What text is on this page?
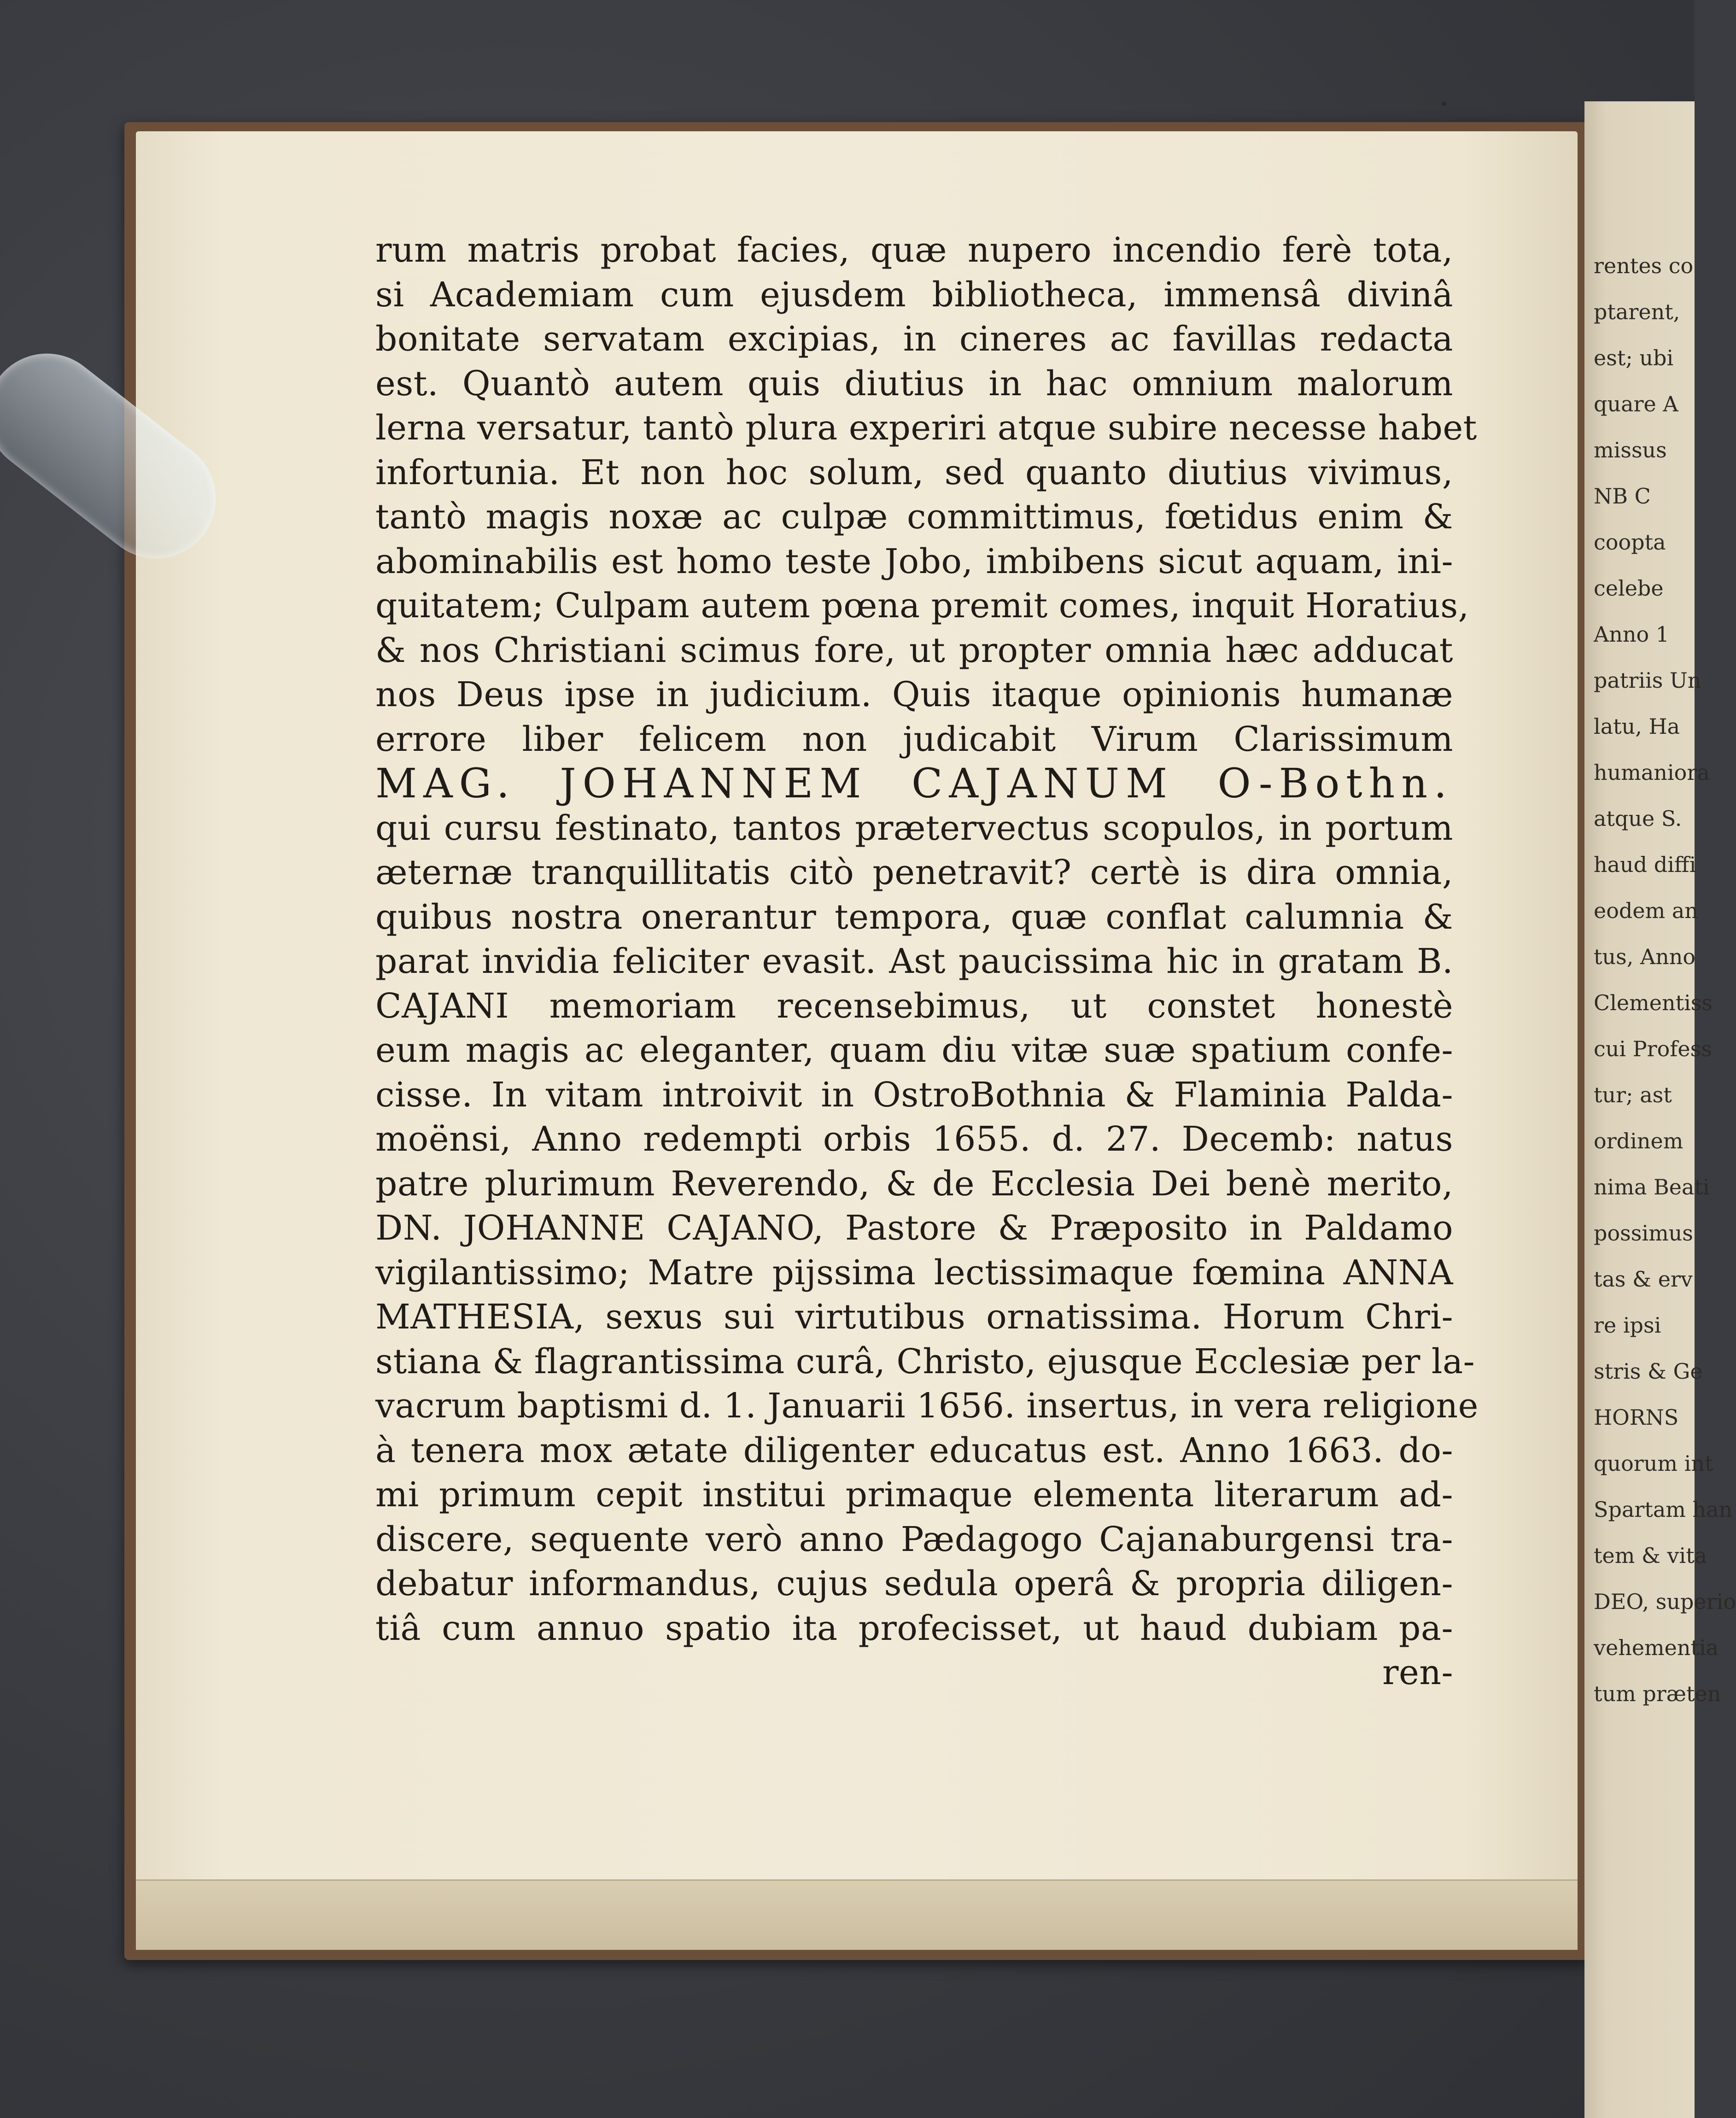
rentes co
ptarent,
est; ubi
quare A
missus
NB C
coopta
celebe
Anno 1
patriis Un
latu, Ha
humaniora
atque S.
haud diffi
eodem an
tus, Anno
Clementiss
cui Profess
tur; ast
ordinem
nima Beati
possimus
tas & erv
re ipsi
stris & Ge
HORNS
quorum int
Spartam han
tem & vita
DEO, superio
vehementia
tum præten
rum matris probat facies, quæ nupero incendio ferè tota,
si Academiam cum ejusdem bibliotheca, immensâ divinâ
bonitate servatam excipias, in cineres ac favillas redacta
est. Quantò autem quis diutius in hac omnium malorum
lerna versatur, tantò plura experiri atque subire necesse habet
infortunia. Et non hoc solum, sed quanto diutius vivimus,
tantò magis noxæ ac culpæ committimus, fœtidus enim &
abominabilis est homo teste Jobo, imbibens sicut aquam, ini-
quitatem; Culpam autem pœna premit comes, inquit Horatius,
& nos Christiani scimus fore, ut propter omnia hæc adducat
nos Deus ipse in judicium. Quis itaque opinionis humanæ
errore liber felicem non judicabit Virum Clarissimum
MAG. JOHANNEM CAJANUM O-Bothn.
qui cursu festinato, tantos prætervectus scopulos, in portum
æternæ tranquillitatis citò penetravit? certè is dira omnia,
quibus nostra onerantur tempora, quæ conflat calumnia &
parat invidia feliciter evasit. Ast paucissima hic in gratam B.
CAJANI memoriam recensebimus, ut constet honestè
eum magis ac eleganter, quam diu vitæ suæ spatium confe-
cisse. In vitam introivit in OstroBothnia & Flaminia Palda-
moënsi, Anno redempti orbis 1655. d. 27. Decemb: natus
patre plurimum Reverendo, & de Ecclesia Dei benè merito,
DN. JOHANNE CAJANO, Pastore & Præposito in Paldamo
vigilantissimo; Matre pijssima lectissimaque fœmina ANNA
MATHESIA, sexus sui virtutibus ornatissima. Horum Chri-
stiana & flagrantissima curâ, Christo, ejusque Ecclesiæ per la-
vacrum baptismi d. 1. Januarii 1656. insertus, in vera religione
à tenera mox ætate diligenter educatus est. Anno 1663. do-
mi primum cepit institui primaque elementa literarum ad-
discere, sequente verò anno Pædagogo Cajanaburgensi tra-
debatur informandus, cujus sedula operâ & propria diligen-
tiâ cum annuo spatio ita profecisset, ut haud dubiam pa-
ren-
